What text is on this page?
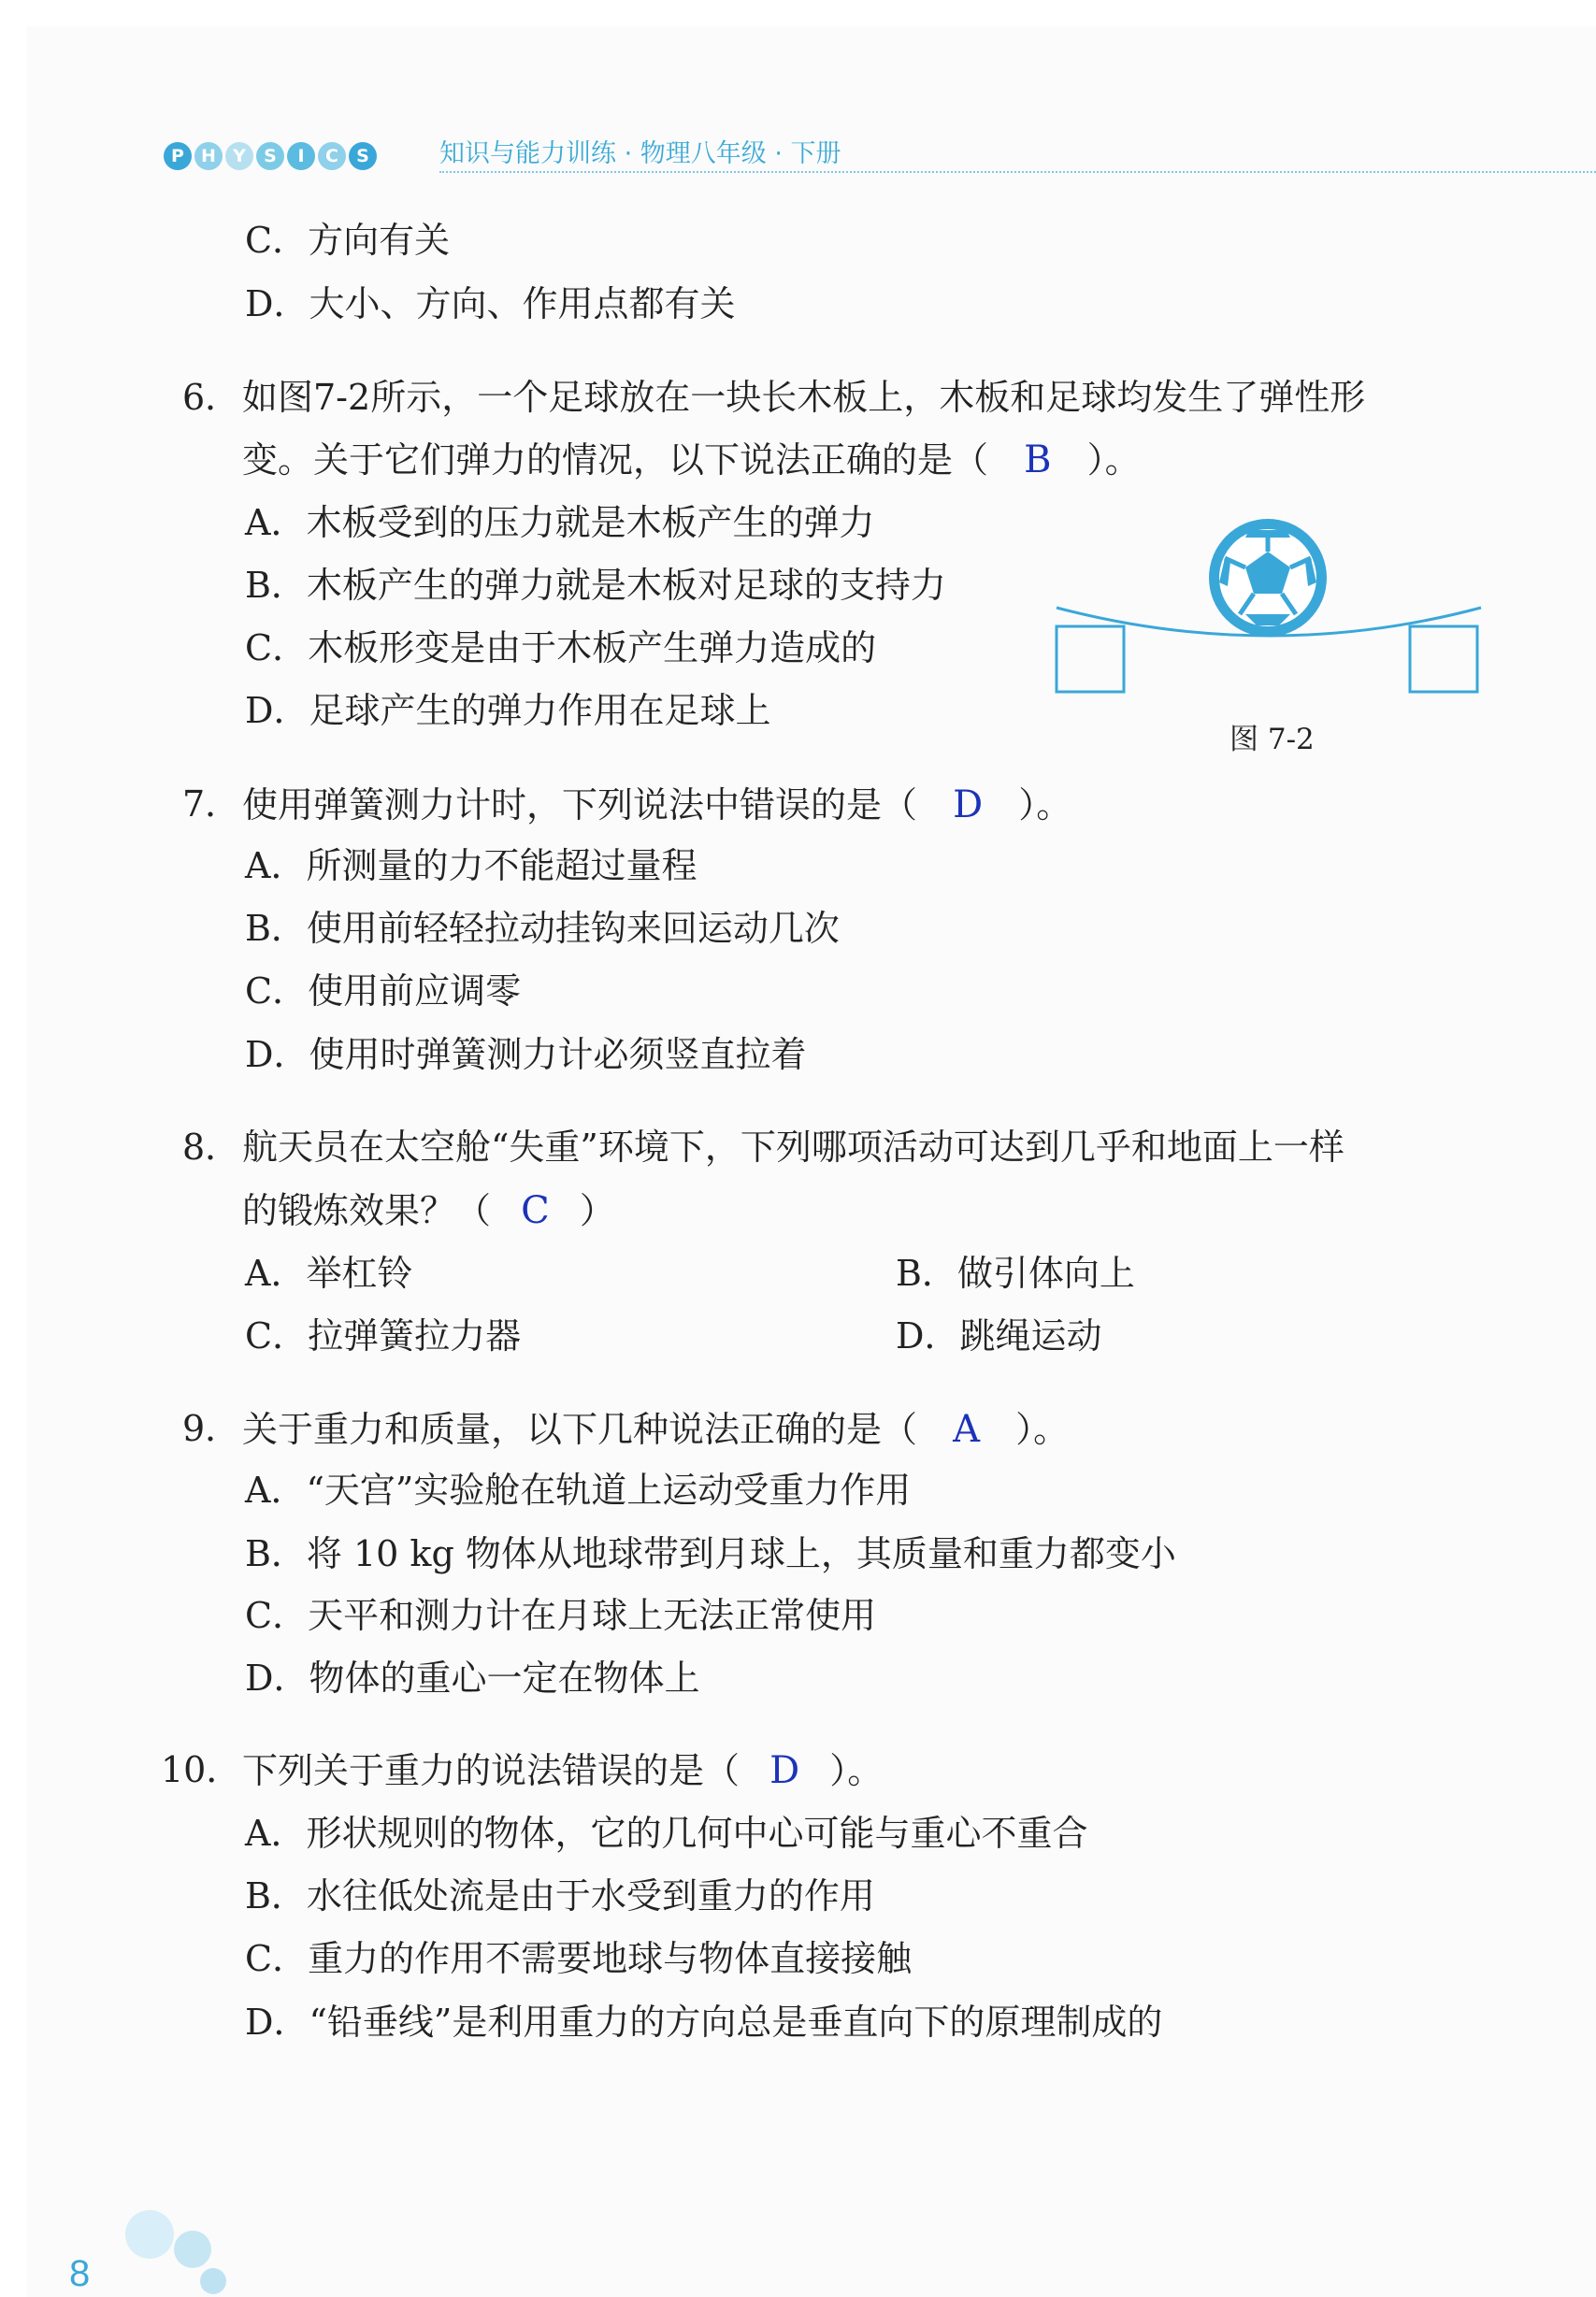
P H Y	S	I	C	S	知识与能力训练 · 物理八年级 · 下册
C．方向有关
D．大小、方向、作用点都有关
6． 如图7-2所示，一个足球放在一块长木板上，木板和足球均发生了弹性形
变。关于它们弹力的情况，以下说法正确的是（ B ）。
A．木板受到的压力就是木板产生的弹力
B．木板产生的弹力就是木板对足球的支持力
C．木板形变是由于木板产生弹力造成的
D．足球产生的弹力作用在足球上
图 7-2
7． 使用弹簧测力计时，下列说法中错误的是（ D ）。
A．所测量的力不能超过量程
B．使用前轻轻拉动挂钩来回运动几次
C．使用前应调零
D．使用时弹簧测力计必须竖直拉着
8． 航天员在太空舱“失重”环境下，下列哪项活动可达到几乎和地面上一样
的锻炼效果？（ C ）
A．举杠铃	B．做引体向上
C．拉弹簧拉力器	D．跳绳运动
9． 关于重力和质量，以下几种说法正确的是（ A ）。
A．“天宫”实验舱在轨道上运动受重力作用
B．将 10 kg 物体从地球带到月球上，其质量和重力都变小
C．天平和测力计在月球上无法正常使用
D．物体的重心一定在物体上
10． 下列关于重力的说法错误的是（ D ）。
A．形状规则的物体，它的几何中心可能与重心不重合
B．水往低处流是由于水受到重力的作用
C．重力的作用不需要地球与物体直接接触
D．“铅垂线”是利用重力的方向总是垂直向下的原理制成的
8
